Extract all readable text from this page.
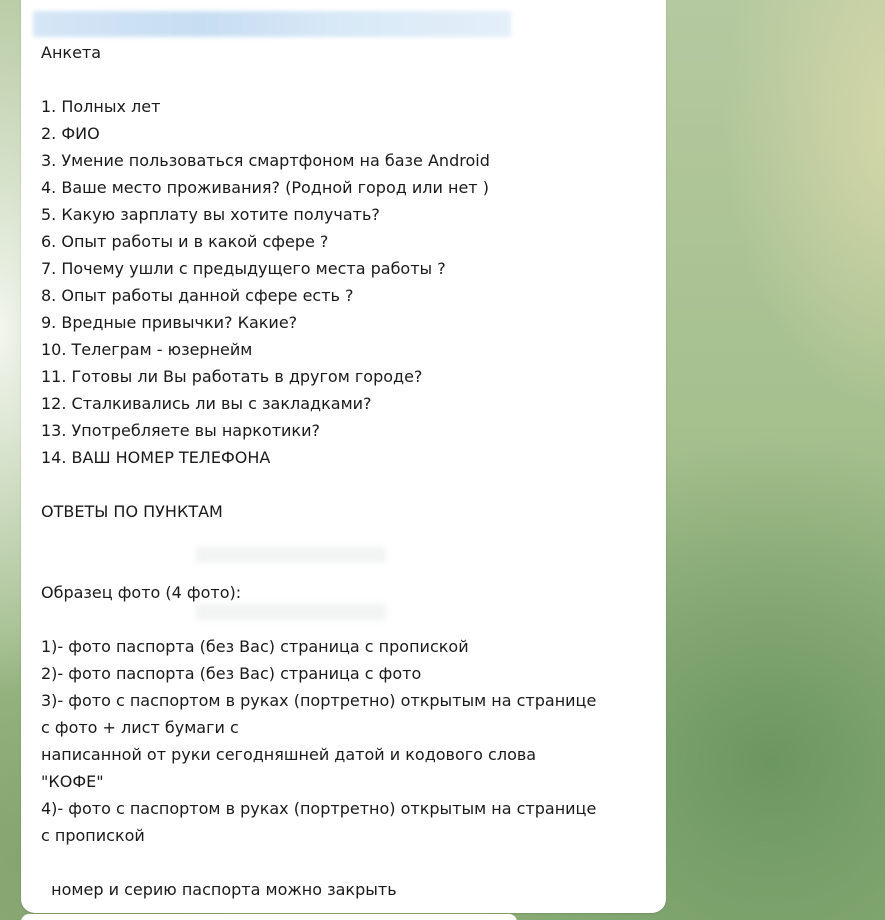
Анкета
1. Полных лет
2. ФИО
3. Умение пользоваться смартфоном на базе Android
4. Ваше место проживания? (Родной город или нет )
5. Какую зарплату вы хотите получать?
6. Опыт работы и в какой сфере ?
7. Почему ушли с предыдущего места работы ?
8. Опыт работы данной сфере есть ?
9. Вредные привычки? Какие?
10. Телеграм - юзернейм
11. Готовы ли Вы работать в другом городе?
12. Сталкивались ли вы с закладками?
13. Употребляете вы наркотики?
14. ВАШ НОМЕР ТЕЛЕФОНА
ОТВЕТЫ ПО ПУНКТАМ
Образец фото (4 фото):
1)- фото паспорта (без Вас) страница с пропиской
2)- фото паспорта (без Вас) страница с фото
3)- фото с паспортом в руках (портретно) открытым на странице
с фото + лист бумаги с
написанной от руки сегодняшней датой и кодового слова
"КОФЕ"
4)- фото с паспортом в руках (портретно) открытым на странице
с пропиской
номер и серию паспорта можно закрыть
